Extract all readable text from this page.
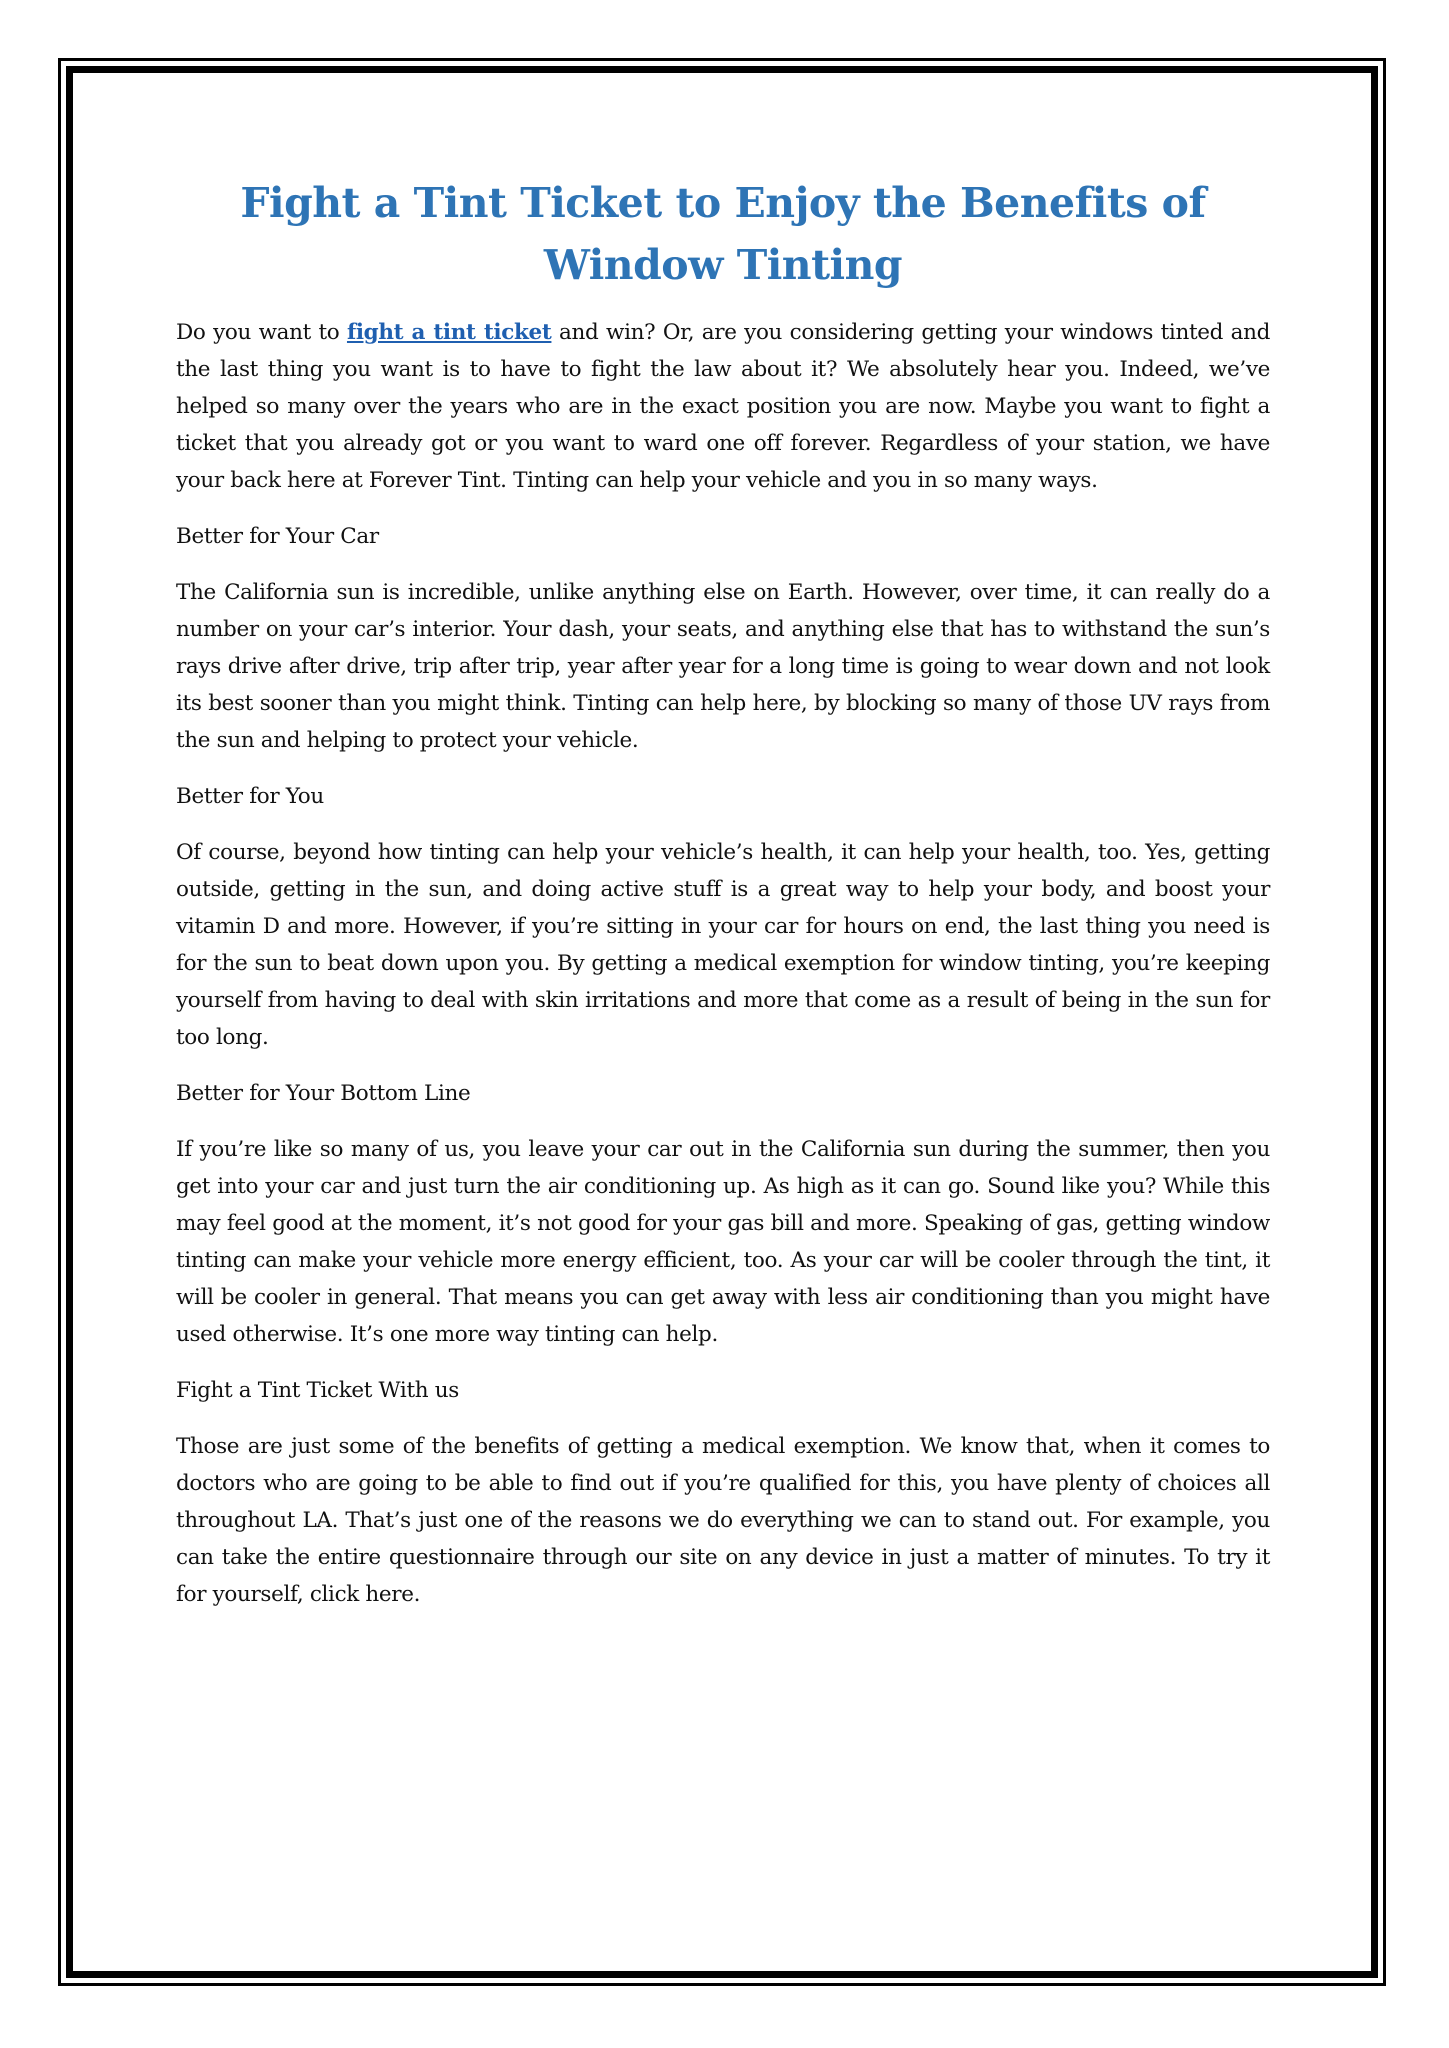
Fight a Tint Ticket to Enjoy the Benefits of Window Tinting

Do you want to fight a tint ticket and win? Or, are you considering getting your windows tinted and the last thing you want is to have to fight the law about it? We absolutely hear you. Indeed, we’ve helped so many over the years who are in the exact position you are now. Maybe you want to fight a ticket that you already got or you want to ward one off forever. Regardless of your station, we have your back here at Forever Tint. Tinting can help your vehicle and you in so many ways.

Better for Your Car

The California sun is incredible, unlike anything else on Earth. However, over time, it can really do a number on your car’s interior. Your dash, your seats, and anything else that has to withstand the sun’s rays drive after drive, trip after trip, year after year for a long time is going to wear down and not look its best sooner than you might think. Tinting can help here, by blocking so many of those UV rays from the sun and helping to protect your vehicle.

Better for You

Of course, beyond how tinting can help your vehicle’s health, it can help your health, too. Yes, getting outside, getting in the sun, and doing active stuff is a great way to help your body, and boost your vitamin D and more. However, if you’re sitting in your car for hours on end, the last thing you need is for the sun to beat down upon you. By getting a medical exemption for window tinting, you’re keeping yourself from having to deal with skin irritations and more that come as a result of being in the sun for too long.

Better for Your Bottom Line

If you’re like so many of us, you leave your car out in the California sun during the summer, then you get into your car and just turn the air conditioning up. As high as it can go. Sound like you? While this may feel good at the moment, it’s not good for your gas bill and more. Speaking of gas, getting window tinting can make your vehicle more energy efficient, too. As your car will be cooler through the tint, it will be cooler in general. That means you can get away with less air conditioning than you might have used otherwise. It’s one more way tinting can help.

Fight a Tint Ticket With us

Those are just some of the benefits of getting a medical exemption. We know that, when it comes to doctors who are going to be able to find out if you’re qualified for this, you have plenty of choices all throughout LA. That’s just one of the reasons we do everything we can to stand out. For example, you can take the entire questionnaire through our site on any device in just a matter of minutes. To try it for yourself, click here.
